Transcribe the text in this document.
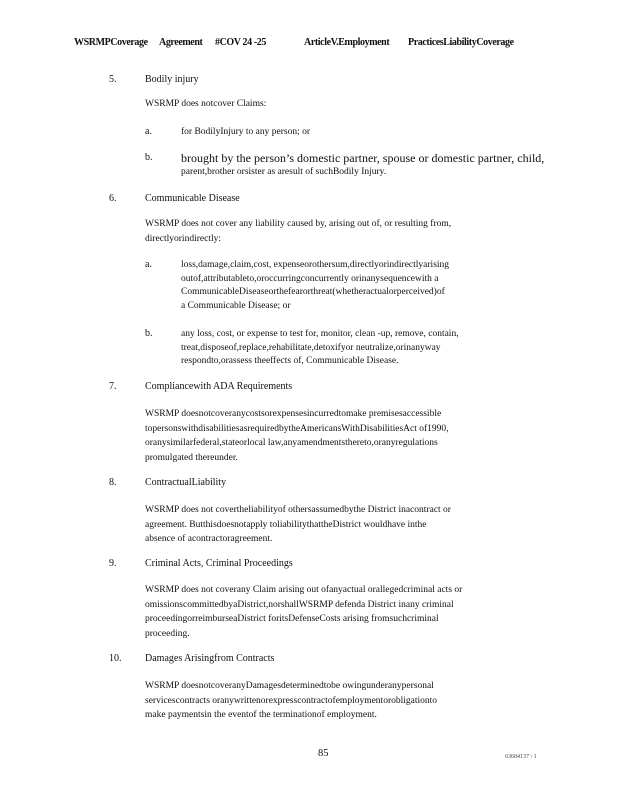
WSRMPCoverage Agreement #COV 24 -25	ArticleV.Employment PracticesLiabilityCoverage
5.	Bodily injury

WSRMP does notcover Claims:

a.	for BodilyInjury to any person; or

b. brought by the person’s domestic partner, spouse or domestic partner, child,

parent,brother orsister as aresult of suchBodily Injury.

6.	Communicable Disease

WSRMP does not cover any liability caused by, arising out of, or resulting from,

directlyorindirectly:

a.	loss,damage,claim,cost, expenseorothersum,directlyorindirectlyarising

outof,attributableto,oroccurringconcurrently orinanysequencewith a

CommunicableDiseaseorthefearorthreat(whetheractualorperceived)of

a Communicable Disease; or

b.	any loss, cost, or expense to test for, monitor, clean -up, remove, contain,

treat,disposeof,replace,rehabilitate,detoxifyor neutralize,orinanyway

respondto,orassess theeffects of, Communicable Disease.

7.	Compliancewith ADA Requirements

WSRMP doesnotcoveranycostsorexpensesincurredtomake premisesaccessible

topersonswithdisabilitiesasrequiredbytheAmericansWithDisabilitiesAct of1990,

oranysimilarfederal,stateorlocal law,anyamendmentsthereto,oranyregulations

promulgated thereunder.

8.	ContractualLiability

WSRMP does not covertheliabilityof othersassumedbythe District inacontract or

agreement. Butthisdoesnotapply toliabilitythattheDistrict wouldhave inthe

absence of acontractoragreement.

9.	Criminal Acts, Criminal Proceedings

WSRMP does not coverany Claim arising out ofanyactual orallegedcriminal acts or

omissionscommittedbyaDistrict,norshallWSRMP defenda District inany criminal

proceedingorreimburseaDistrict foritsDefenseCosts arising fromsuchcriminal

proceeding.

10. Damages Arisingfrom Contracts

WSRMP doesnotcoveranyDamagesdeterminedtobe owingunderanypersonal

servicescontracts oranywrittenorexpresscontractofemploymentorobligationto

make paymentsin the eventof the terminationof employment.

85	63684137 \ 1
